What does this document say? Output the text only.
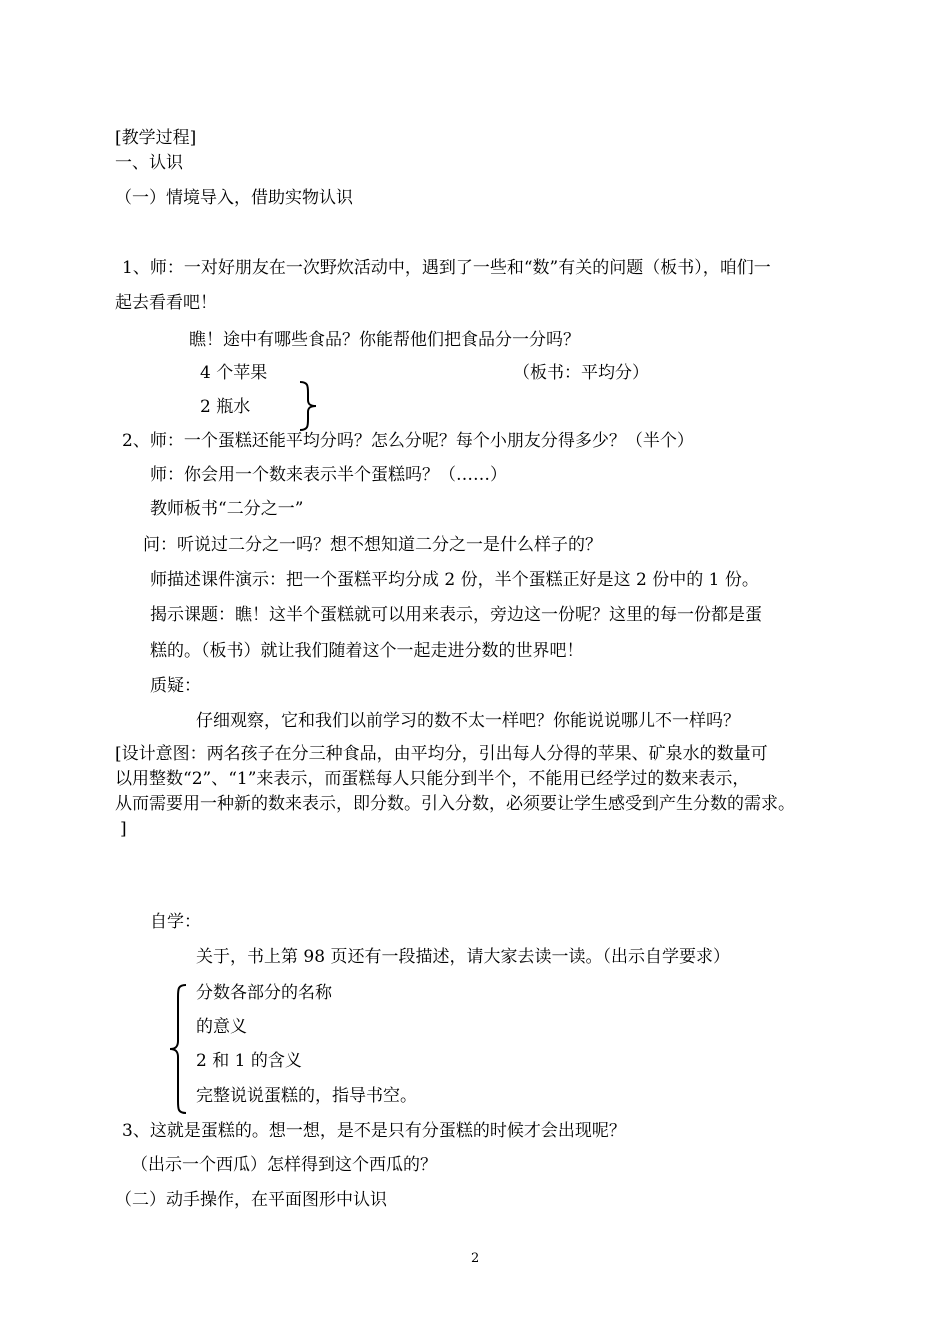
[教学过程]
一、认识
（一）情境导入，借助实物认识
1、师：一对好朋友在一次野炊活动中，遇到了一些和“数”有关的问题（板书），咱们一
起去看看吧！
瞧！途中有哪些食品？你能帮他们把食品分一分吗？
4 个苹果	（板书：平均分）
2 瓶水
2、师：一个蛋糕还能平均分吗？怎么分呢？每个小朋友分得多少？（半个）
师：你会用一个数来表示半个蛋糕吗？（……）
教师板书“二分之一”
问：听说过二分之一吗？想不想知道二分之一是什么样子的？
师描述课件演示：把一个蛋糕平均分成 2 份，半个蛋糕正好是这 2 份中的 1 份。
揭示课题：瞧！这半个蛋糕就可以用来表示，旁边这一份呢？这里的每一份都是蛋
糕的。（板书）就让我们随着这个一起走进分数的世界吧！
质疑：
仔细观察，它和我们以前学习的数不太一样吧？你能说说哪儿不一样吗？
[设计意图：两名孩子在分三种食品，由平均分，引出每人分得的苹果、矿泉水的数量可
以用整数“2”、“1”来表示，而蛋糕每人只能分到半个，不能用已经学过的数来表示，
从而需要用一种新的数来表示，即分数。引入分数，必须要让学生感受到产生分数的需求。
]
自学：
关于，书上第 98 页还有一段描述，请大家去读一读。（出示自学要求）
分数各部分的名称
的意义
2 和 1 的含义
完整说说蛋糕的，指导书空。
3、这就是蛋糕的。想一想，是不是只有分蛋糕的时候才会出现呢？
（出示一个西瓜）怎样得到这个西瓜的？
（二）动手操作，在平面图形中认识
2
